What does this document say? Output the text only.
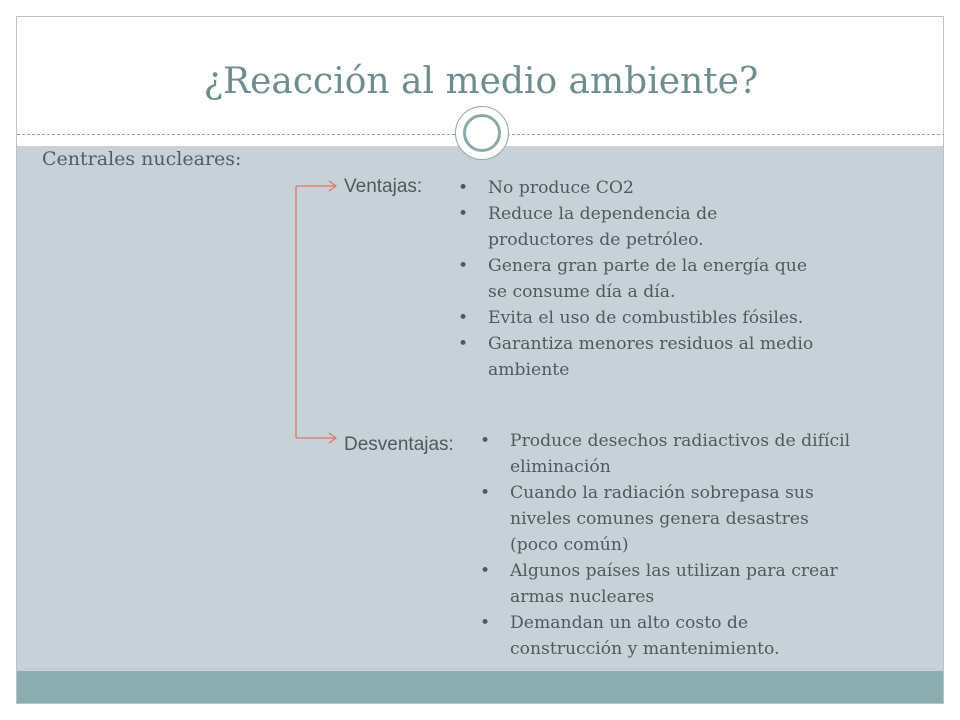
¿Reacción al medio ambiente?

Centrales nucleares:

Ventajas: • No produce CO2
• Reduce la dependencia de
productores de petróleo.
• Genera gran parte de la energía que
se consume día a día.
• Evita el uso de combustibles fósiles.
• Garantiza menores residuos al medio
ambiente

Desventajas: • Produce desechos radiactivos de difícil
eliminación
• Cuando la radiación sobrepasa sus
niveles comunes genera desastres
(poco común)
• Algunos países las utilizan para crear
armas nucleares
• Demandan un alto costo de
construcción y mantenimiento.
